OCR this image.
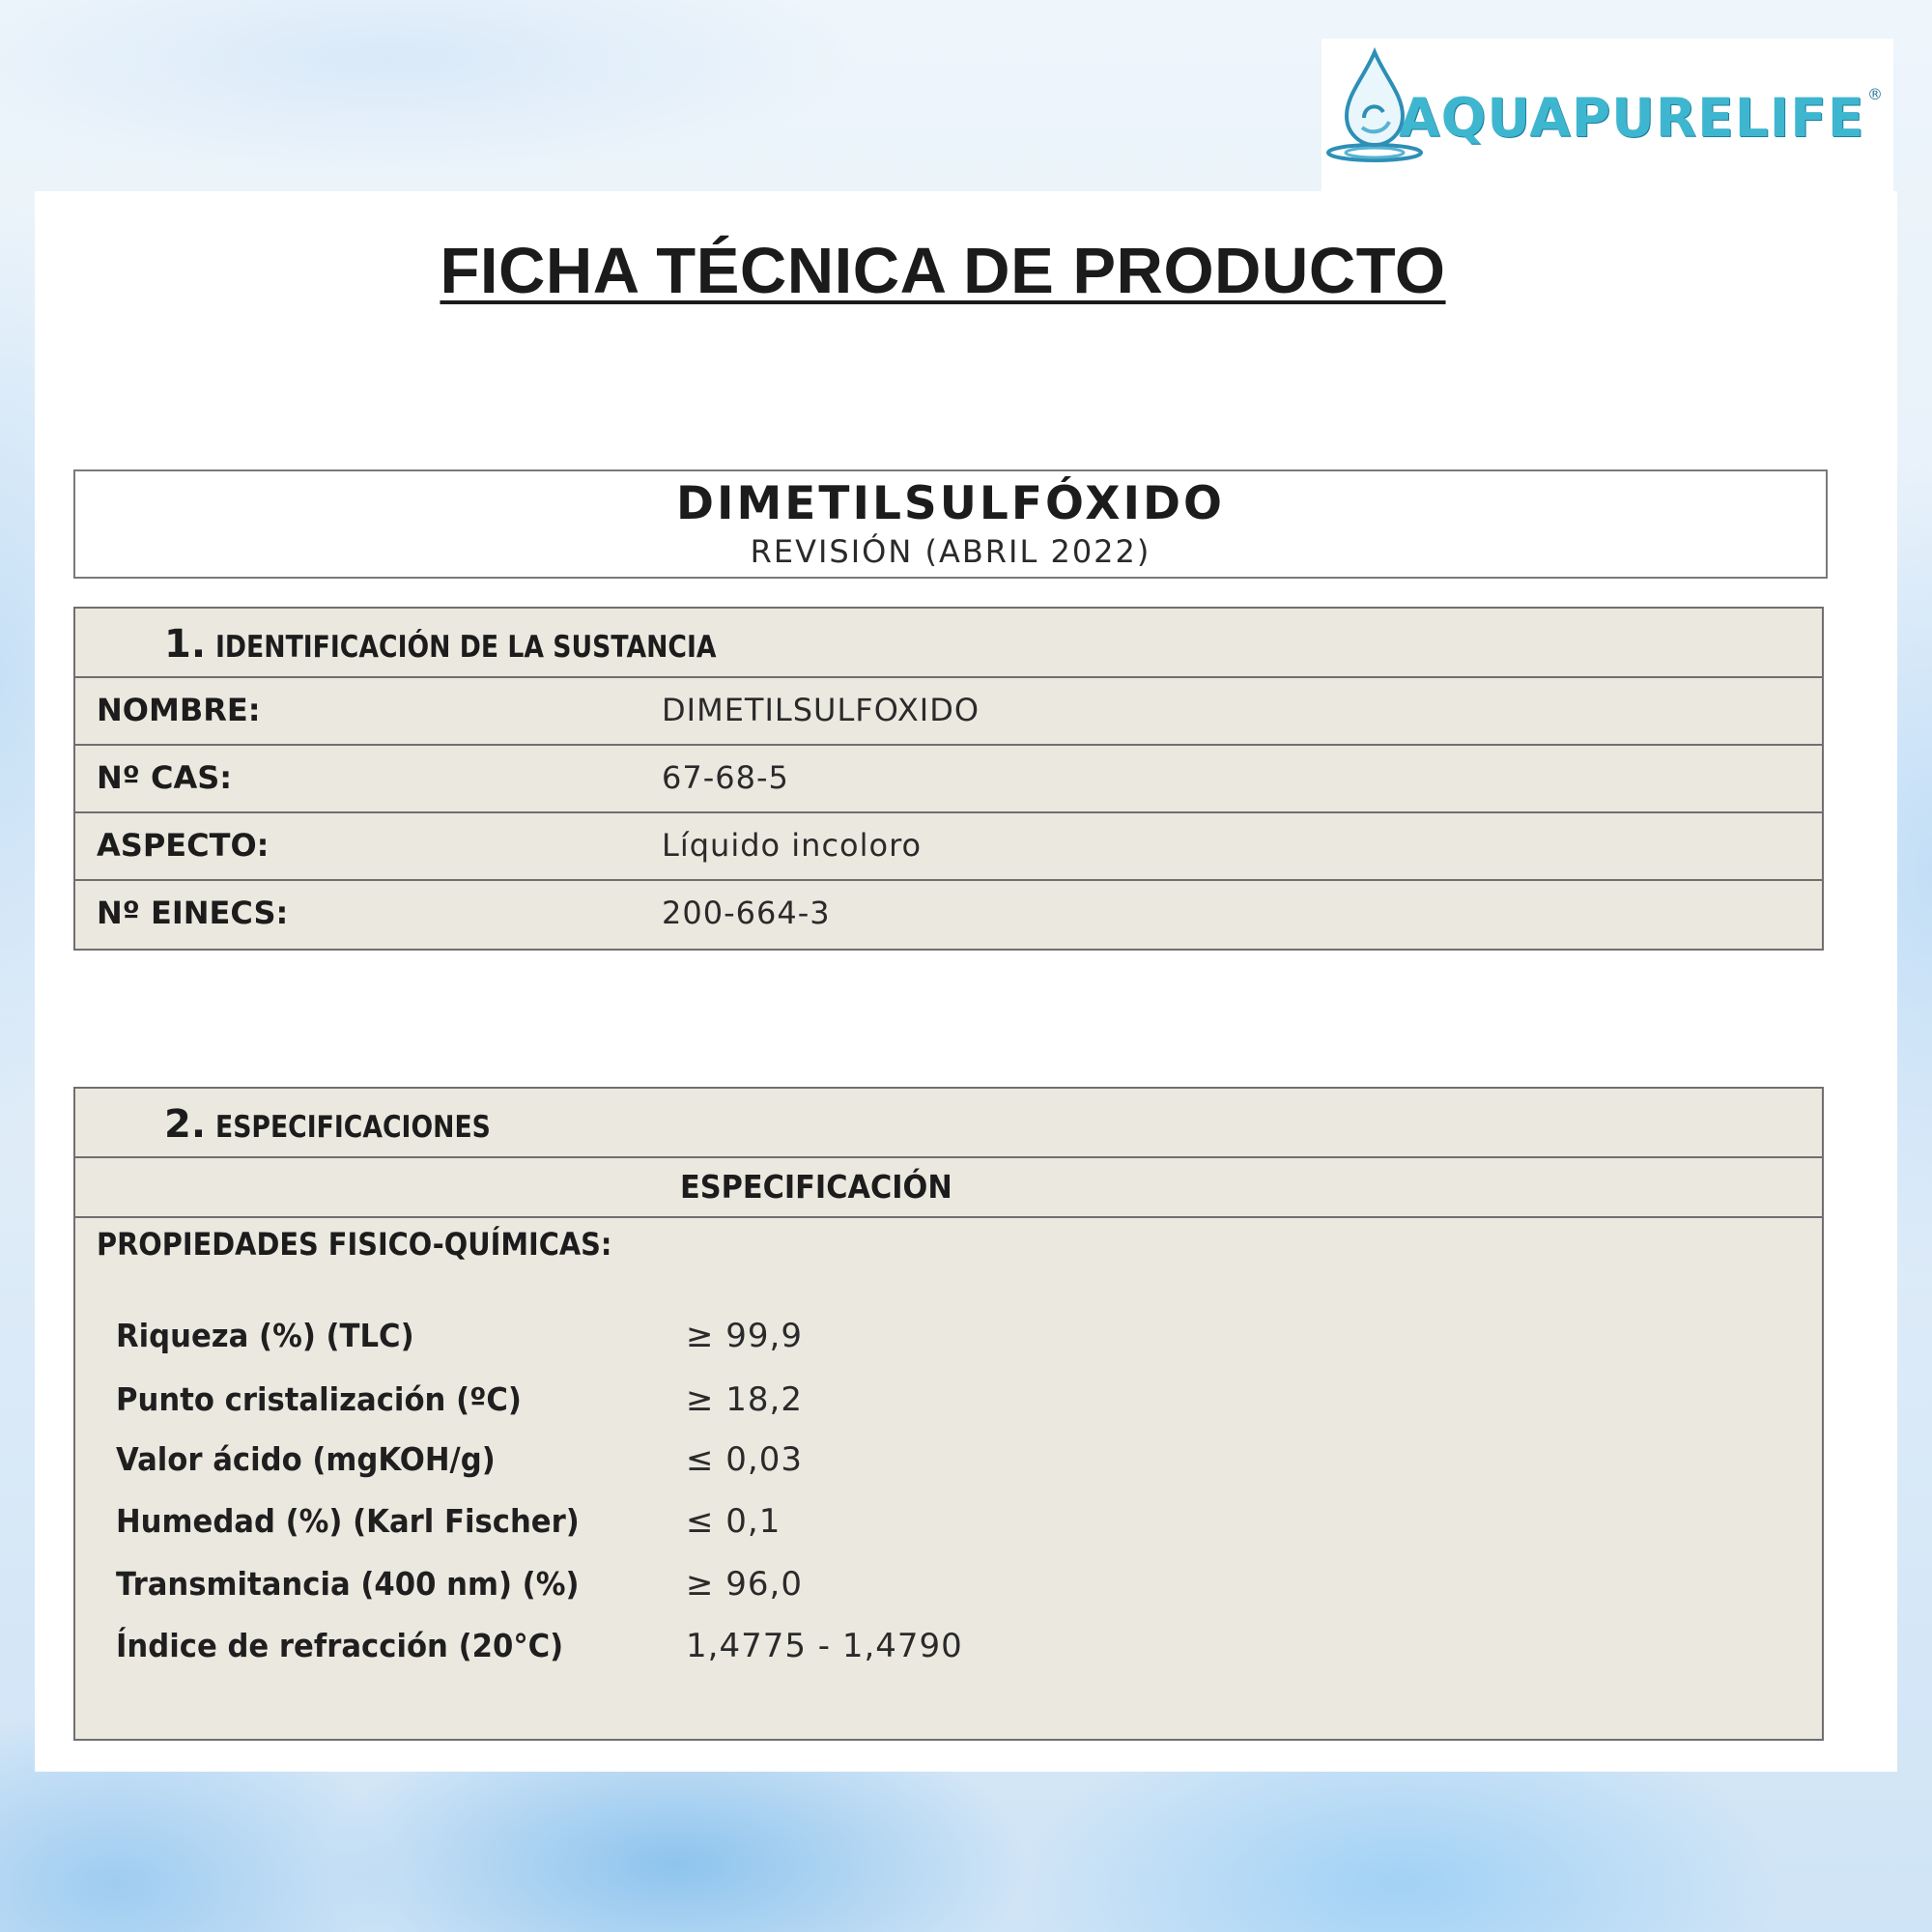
AQUAPURELIFE ®
FICHA TÉCNICA DE PRODUCTO
DIMETILSULFÓXIDO
REVISIÓN (ABRIL 2022)
1. IDENTIFICACIÓN DE LA SUSTANCIA
NOMBRE:	DIMETILSULFOXIDO
Nº CAS:	67-68-5
ASPECTO:	Líquido incoloro
Nº EINECS:	200-664-3
2. ESPECIFICACIONES
ESPECIFICACIÓN
PROPIEDADES FISICO-QUÍMICAS:
Riqueza (%) (TLC)	≥ 99,9
Punto cristalización (ºC)	≥ 18,2
Valor ácido (mgKOH/g)	≤ 0,03
Humedad (%) (Karl Fischer)	≤ 0,1
Transmitancia (400 nm) (%)	≥ 96,0
Índice de refracción (20°C)	1,4775 - 1,4790
